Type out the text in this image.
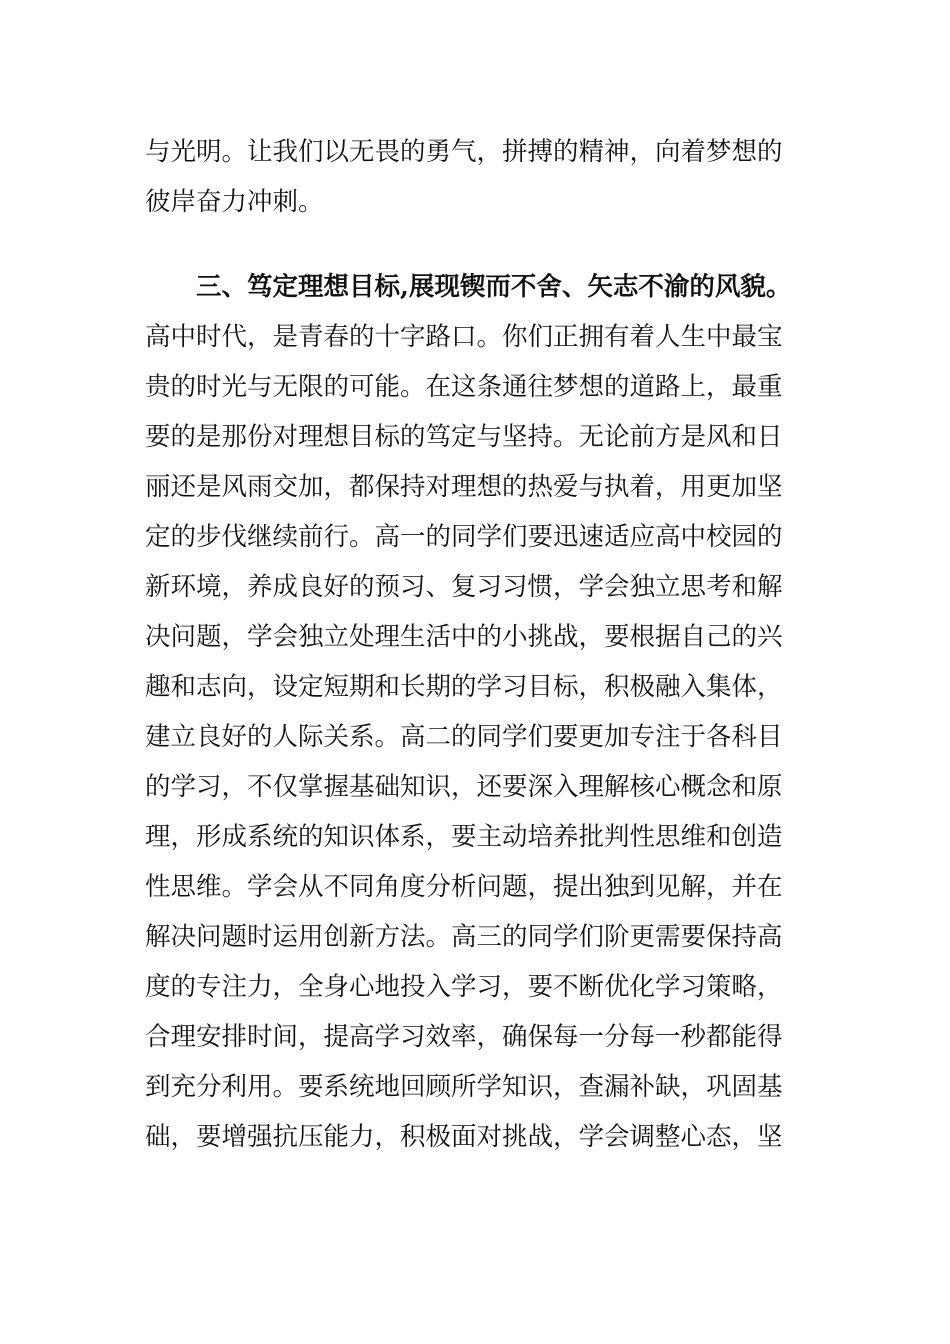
与光明。让我们以无畏的勇气，拼搏的精神，向着梦想的
彼岸奋力冲刺。
三、笃定理想目标,展现锲而不舍、矢志不渝的风貌。
高中时代，是青春的十字路口。你们正拥有着人生中最宝
贵的时光与无限的可能。在这条通往梦想的道路上，最重
要的是那份对理想目标的笃定与坚持。无论前方是风和日
丽还是风雨交加，都保持对理想的热爱与执着，用更加坚
定的步伐继续前行。高一的同学们要迅速适应高中校园的
新环境，养成良好的预习、复习习惯，学会独立思考和解
决问题，学会独立处理生活中的小挑战，要根据自己的兴
趣和志向，设定短期和长期的学习目标，积极融入集体，
建立良好的人际关系。高二的同学们要更加专注于各科目
的学习，不仅掌握基础知识，还要深入理解核心概念和原
理，形成系统的知识体系，要主动培养批判性思维和创造
性思维。学会从不同角度分析问题，提出独到见解，并在
解决问题时运用创新方法。高三的同学们阶更需要保持高
度的专注力，全身心地投入学习，要不断优化学习策略，
合理安排时间，提高学习效率，确保每一分每一秒都能得
到充分利用。要系统地回顾所学知识，查漏补缺，巩固基
础，要增强抗压能力，积极面对挑战，学会调整心态，坚
